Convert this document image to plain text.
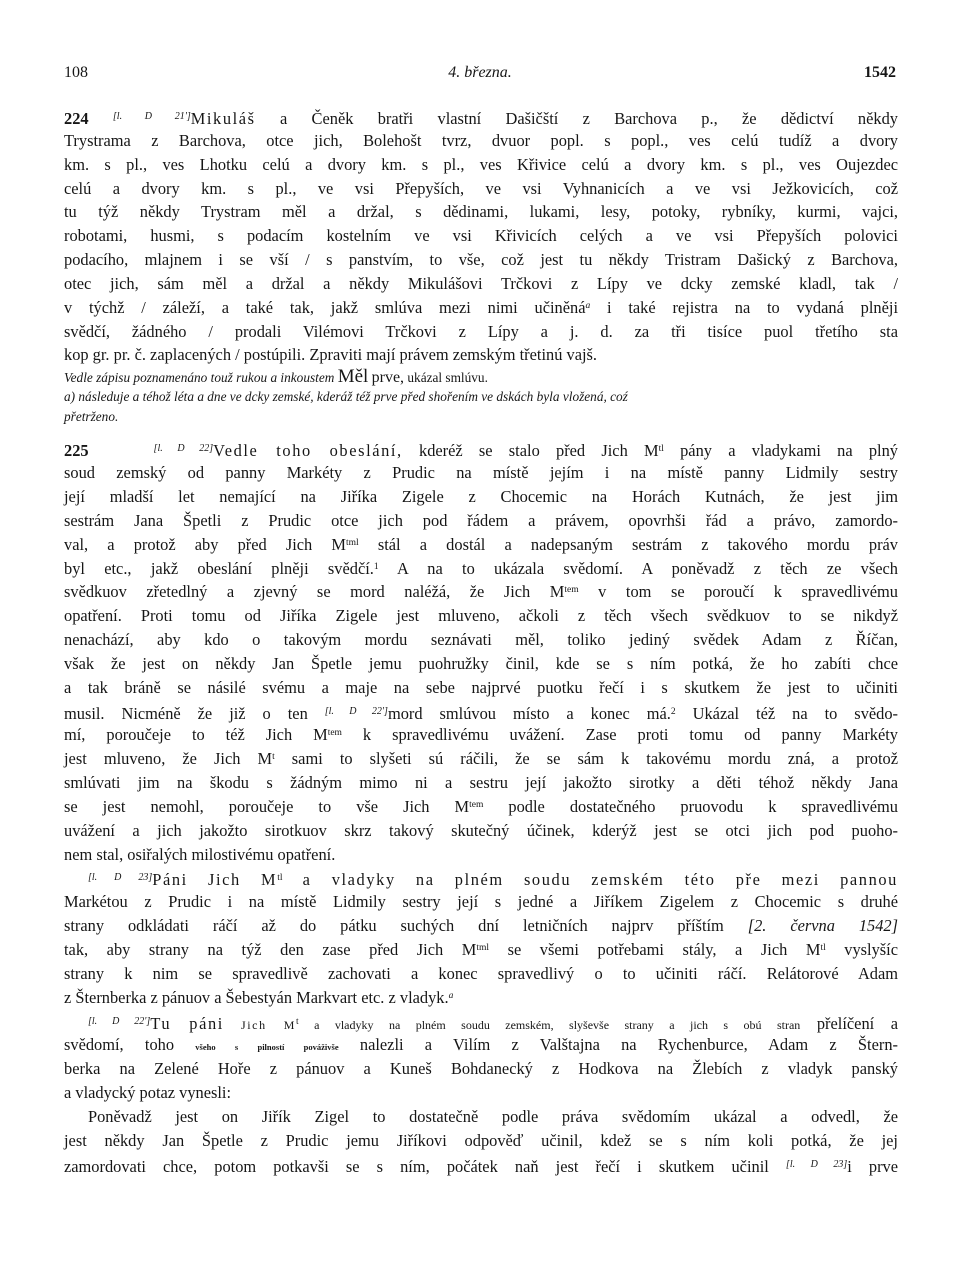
108	4. března.	1542
224 [l. D 21']Mikuláš a Čeněk bratři vlastní Dašičští z Barchova p., že dědictví někdy
Trystrama z Barchova, otce jich, Bolehošt tvrz, dvuor popl. s popl., ves celú tudíž a dvory
km. s pl., ves Lhotku celú a dvory km. s pl., ves Křivice celú a dvory km. s pl., ves Oujezdec
celú a dvory km. s pl., ve vsi Přepyších, ve vsi Vyhnanicích a ve vsi Ježkovicích, což
tu týž někdy Trystram měl a držal, s dědinami, lukami, lesy, potoky, rybníky, kurmi, vajci,
robotami, husmi, s podacím kostelním ve vsi Křivicích celých a ve vsi Přepyších polovici
podacího, mlajnem i se vší / s panstvím, to vše, což jest tu někdy Tristram Dašický z Barchova,
otec jich, sám měl a držal a někdy Mikulášovi Trčkovi z Lípy ve dcky zemské kladl, tak /
v týchž / záleží, a také tak, jakž smlúva mezi nimi učiněná$^a$ i také rejistra na to vydaná plněji
svědčí, žádného / prodali Vilémovi Trčkovi z Lípy a j. d. za tři tisíce puol třetího sta
kop gr. pr. č. zaplacených / postúpili. Zpraviti mají právem zemským třetinú vajš.
Vedle zápisu poznamenáno touž rukou a inkoustem Měl prve, ukázal smlúvu.
a) následuje a téhož léta a dne ve dcky zemské, kderáž též prve před shořením ve dskách byla vložená, coź
přetrženo.
225	[l. D 22]Vedle toho obeslání, kderéž se stalo před Jich $M^{tl}$ pány a vladykami na plný
soud zemský od panny Markéty z Prudic na místě jejím i na místě panny Lidmily sestry
její mladší let nemající na Jiříka Zigele z Chocemic na Horách Kutnách, že jest jim
sestrám Jana Špetli z Prudic otce jich pod řádem a právem, opovrhši řád a právo, zamordo-
val, a protož aby před Jich $M^{tml}$ stál a dostál a nadepsaným sestrám z takového mordu práv
byl etc., jakž obeslání plněji svědčí.$^1$ A na to ukázala svědomí. A poněvadž z těch ze všech
svědkuov zřetedlný a zjevný se mord naléžá, že Jich $M^{tem}$ v tom se poroučí k spravedlivému
opatření. Proti tomu od Jiříka Zigele jest mluveno, ačkoli z těch všech svědkuov to se nikdyž
nenachází, aby kdo o takovým mordu seznávati měl, toliko jediný svědek Adam z Říčan,
však že jest on někdy Jan Špetle jemu puohružky činil, kde se s ním potká, že ho zabíti chce
a tak bráně se násilé svému a maje na sebe najprvé puotku řečí i s skutkem že jest to učiniti
musil. Nicméně že již o ten [l. D 22']mord smlúvou místo a konec má.$^2$ Ukázal též na to svědo-
mí, poroučeje to též Jich $M^{tem}$ k spravedlivému uvážení. Zase proti tomu od panny Markéty
jest mluveno, že Jich $M^t$ sami to slyšeti sú ráčili, že se sám k takovému mordu zná, a protož
smlúvati jim na škodu s žádným mimo ni a sestru její jakožto sirotky a děti téhož někdy Jana
se jest nemohl, poroučeje to vše Jich $M^{tem}$ podle dostatečného pruovodu k spravedlivému
uvážení a jich jakožto sirotkuov skrz takový skutečný účinek, kderýž jest se otci jich pod puoho-
nem stal, osiřalých milostivému opatření.
[l. D 23]Páni Jich $M^{tl}$ a vladyky na plném soudu zemském této pře mezi pannou
Markétou z Prudic i na místě Lidmily sestry její s jedné a Jiříkem Zigelem z Chocemic s druhé
strany odkládati ráčí až do pátku suchých dní letničních najprv příštím [2. června 1542]
tak, aby strany na týž den zase před Jich $M^{tml}$ se všemi potřebami stály, a Jich $M^{tl}$ vyslyšíc
strany k nim se spravedlivě zachovati a konec spravedlivý o to učiniti ráčí. Relátorové Adam
z Šternberka z pánuov a Šebestyán Markvart etc. z vladyk.$^a$
[l. D 22']Tu páni Jich $M^t$ a vladyky na plném soudu zemském, slyševše strany a jich s obú stran přelíčení a
svědomí, toho všeho s pilností pováživše nalezli a Vilím z Valštajna na Rychenburce, Adam z Štern-
berka na Zelené Hoře z pánuov a Kuneš Bohdanecký z Hodkova na Žlebích z vladyk panský
a vladycký potaz vynesli:
Poněvadž jest on Jiřík Zigel to dostatečně podle práva svědomím ukázal a odvedl, že
jest někdy Jan Špetle z Prudic jemu Jiříkovi odpověď učinil, kdež se s ním koli potká, že jej
zamordovati chce, potom potkavši se s ním, počátek naň jest řečí i skutkem učinil [l. D 23]i prve
